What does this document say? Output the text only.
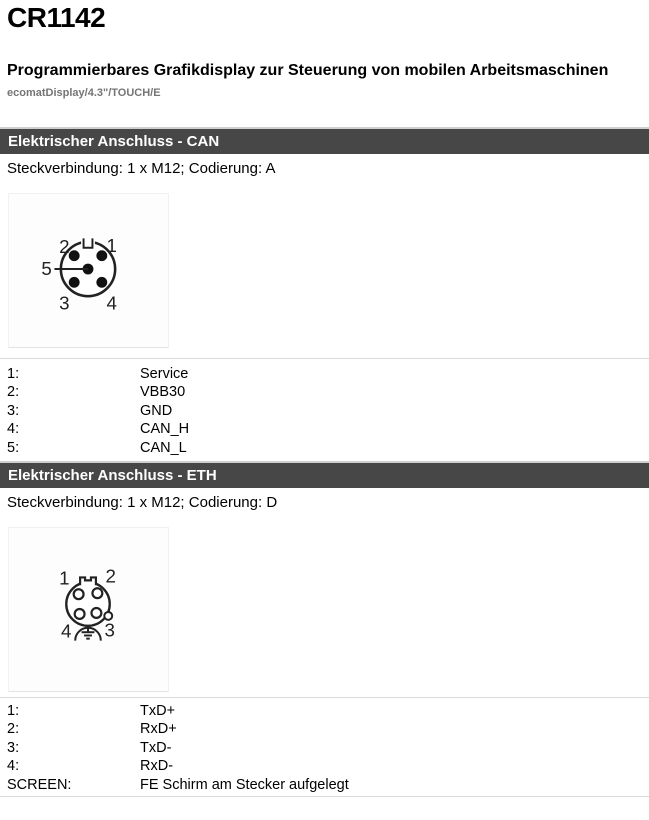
CR1142
Programmierbares Grafikdisplay zur Steuerung von mobilen Arbeitsmaschinen
ecomatDisplay/4.3"/TOUCH/E
Elektrischer Anschluss - CAN
Steckverbindung: 1 x M12; Codierung: A
2 1
5
3 4
1:	Service
2:	VBB30
3:	GND
4:	CAN_H
5:	CAN_L
Elektrischer Anschluss - ETH
Steckverbindung: 1 x M12; Codierung: D
1 2
4 3
1:	TxD+
2:	RxD+
3:	TxD-
4:	RxD-
SCREEN:	FE Schirm am Stecker aufgelegt
